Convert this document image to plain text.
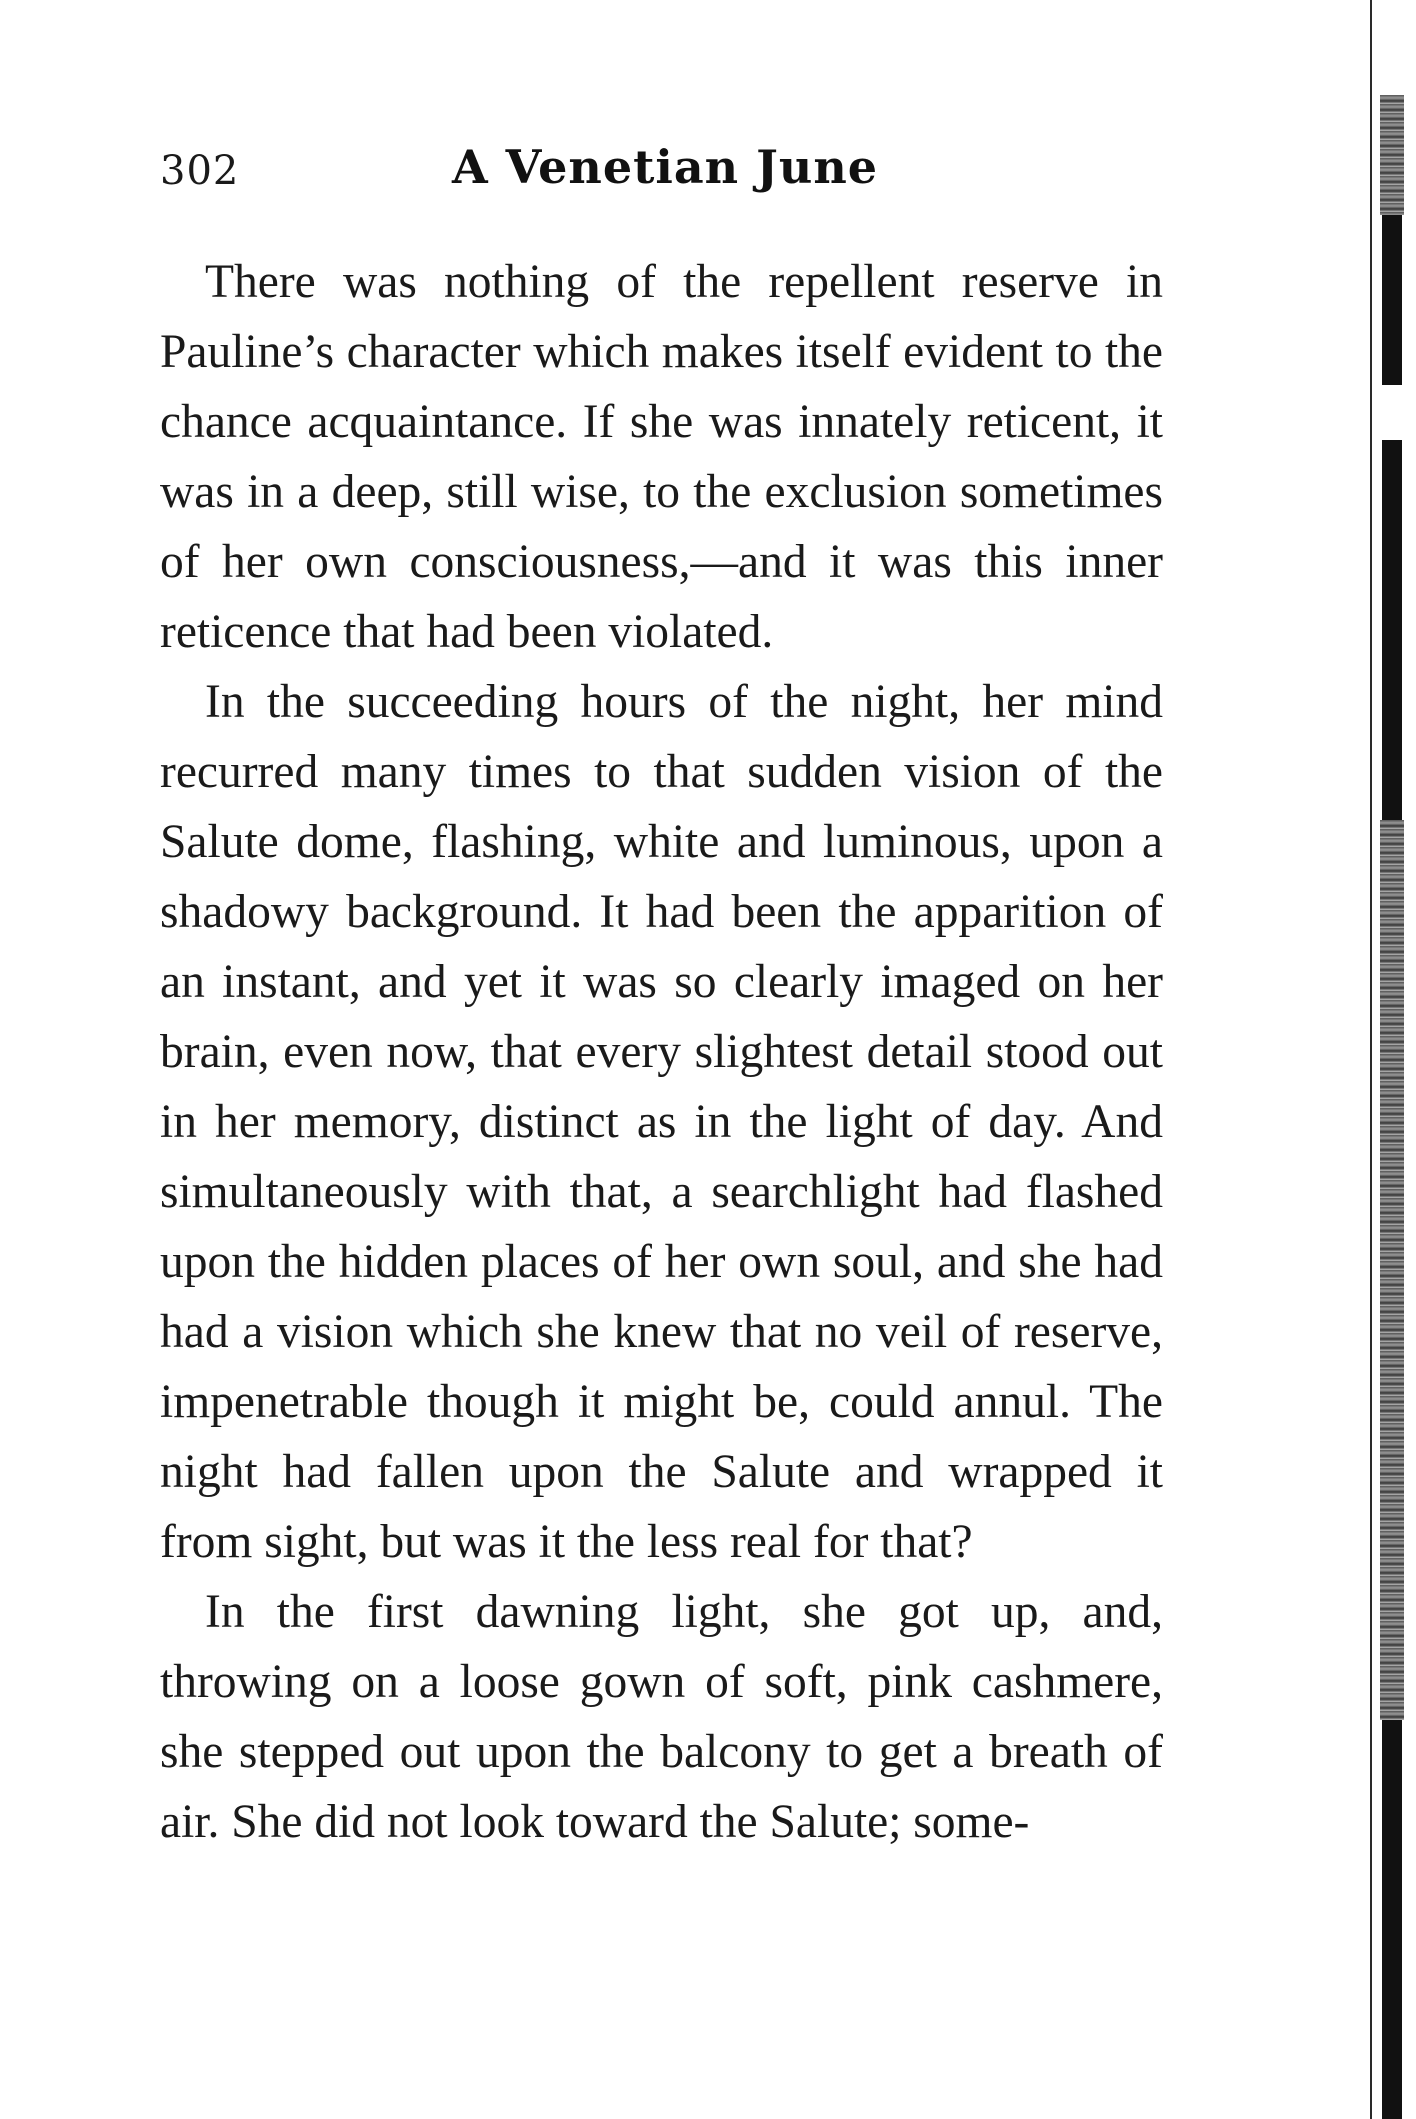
302	A Venetian June

There was nothing of the repellent reserve in Pauline’s character which makes itself evident to the chance acquaintance. If she was innately reticent, it was in a deep, still wise, to the exclusion sometimes of her own consciousness,—and it was this inner reticence that had been violated.

In the succeeding hours of the night, her mind recurred many times to that sudden vision of the Salute dome, flashing, white and luminous, upon a shadowy background. It had been the apparition of an instant, and yet it was so clearly imaged on her brain, even now, that every slightest detail stood out in her memory, distinct as in the light of day. And simultaneously with that, a searchlight had flashed upon the hidden places of her own soul, and she had had a vision which she knew that no veil of reserve, impenetrable though it might be, could annul. The night had fallen upon the Salute and wrapped it from sight, but was it the less real for that?

In the first dawning light, she got up, and, throwing on a loose gown of soft, pink cashmere, she stepped out upon the balcony to get a breath of air. She did not look toward the Salute; some-
